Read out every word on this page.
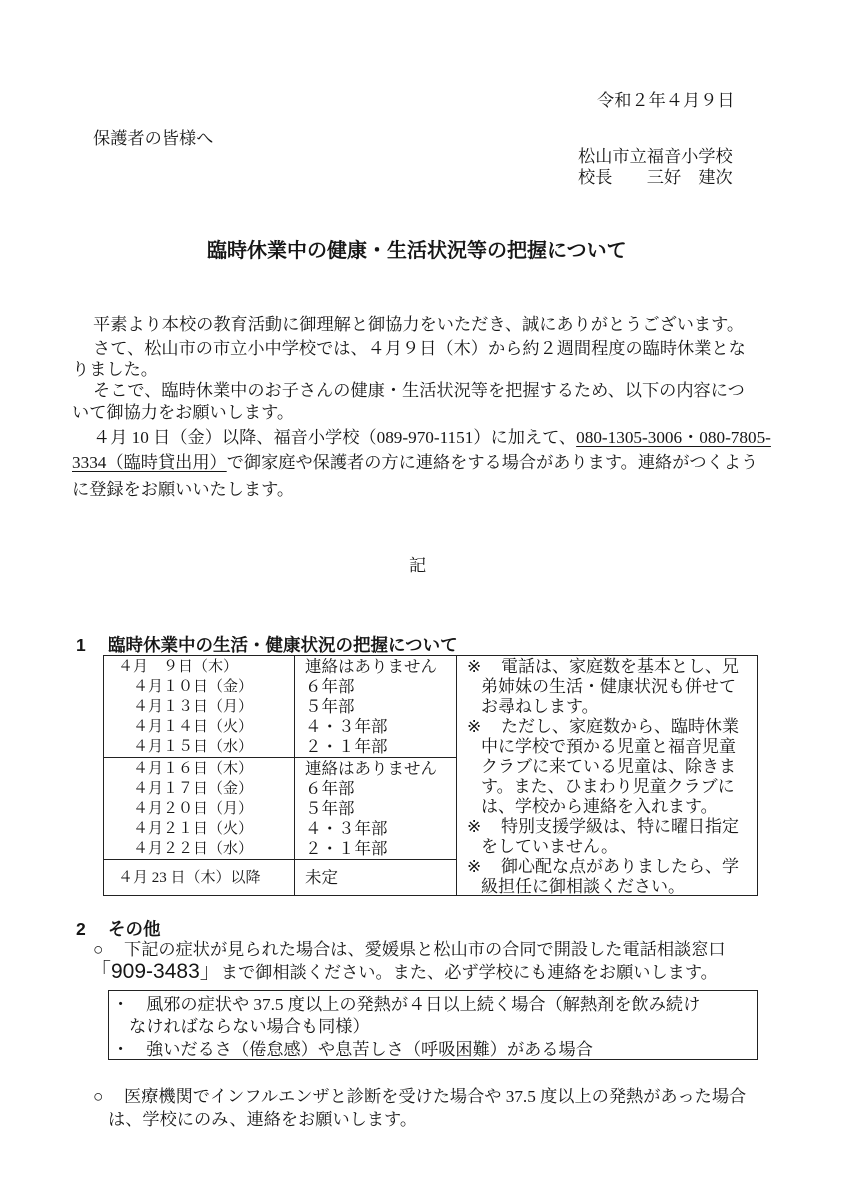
令和２年４月９日
保護者の皆様へ
松山市立福音小学校
校長　　三好　建次
臨時休業中の健康・生活状況等の把握について
平素より本校の教育活動に御理解と御協力をいただき、誠にありがとうございます。
さて、松山市の市立小中学校では、４月９日（木）から約２週間程度の臨時休業とな
りました。
そこで、臨時休業中のお子さんの健康・生活状況等を把握するため、以下の内容につ
いて御協力をお願いします。
４月 10 日（金）以降、福音小学校（089-970-1151）に加えて、080-1305-3006・080-7805-
3334（臨時貸出用）で御家庭や保護者の方に連絡をする場合があります。連絡がつくよう
に登録をお願いいたします。
記
1 臨時休業中の生活・健康状況の把握について
４月　９日（木）
４月１０日（金）
４月１３日（月）
４月１４日（火）
４月１５日（水）
連絡はありません
６年部
５年部
４・３年部
２・１年部
４月１６日（木）
４月１７日（金）
４月２０日（月）
４月２１日（火）
４月２２日（水）
連絡はありません
６年部
５年部
４・３年部
２・１年部
４月 23 日（木）以降	未定
※ 電話は、家庭数を基本とし、兄
弟姉妹の生活・健康状況も併せて
お尋ねします。
※ ただし、家庭数から、臨時休業
中に学校で預かる児童と福音児童
クラブに来ている児童は、除きま
す。また、ひまわり児童クラブに
は、学校から連絡を入れます。
※ 特別支援学級は、特に曜日指定
をしていません。
※ 御心配な点がありましたら、学
級担任に御相談ください。
2 その他
○ 下記の症状が見られた場合は、愛媛県と松山市の合同で開設した電話相談窓口
「909-3483」まで御相談ください。また、必ず学校にも連絡をお願いします。
・ 風邪の症状や 37.5 度以上の発熱が４日以上続く場合（解熱剤を飲み続け
なければならない場合も同様）
・ 強いだるさ（倦怠感）や息苦しさ（呼吸困難）がある場合
○ 医療機関でインフルエンザと診断を受けた場合や 37.5 度以上の発熱があった場合
は、学校にのみ、連絡をお願いします。
